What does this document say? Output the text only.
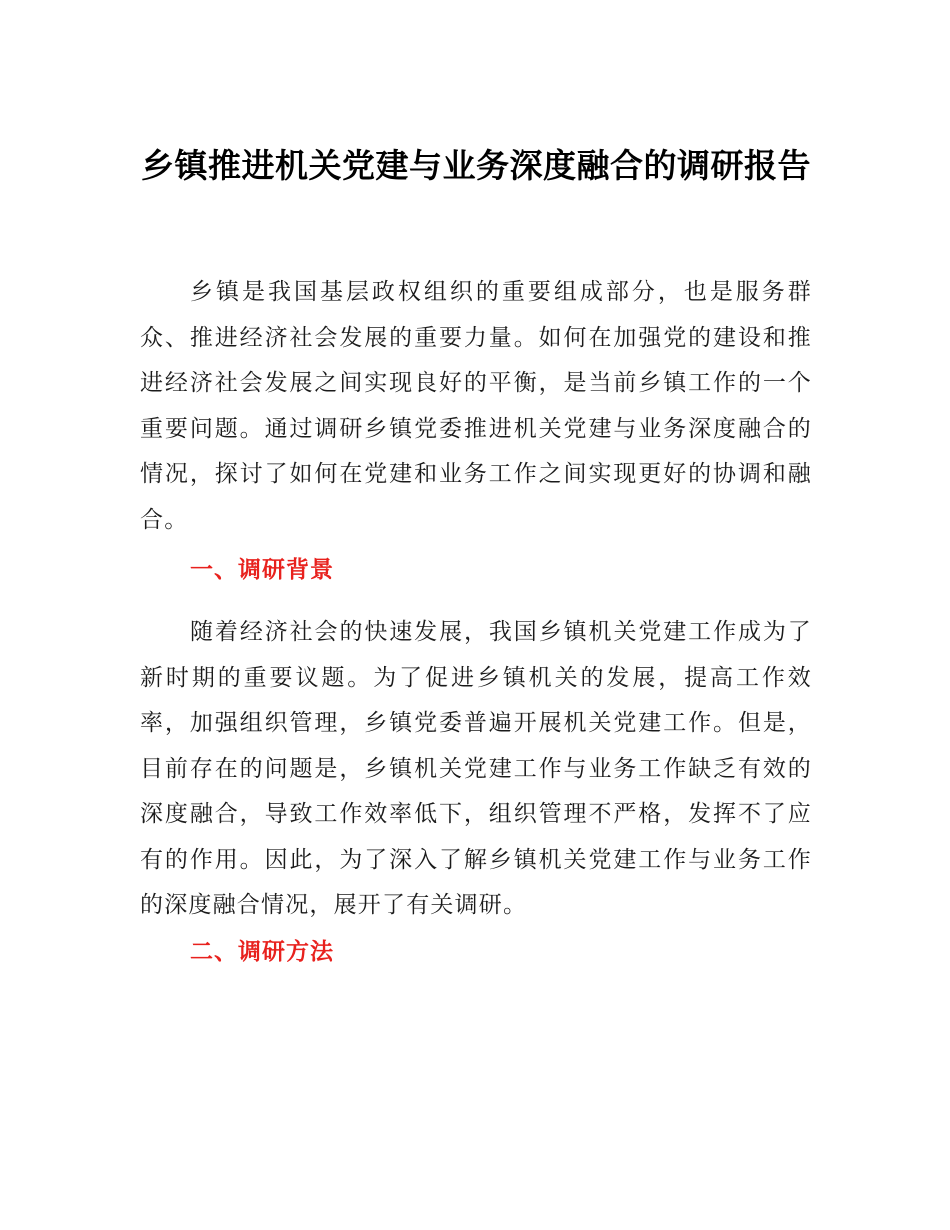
乡镇推进机关党建与业务深度融合的调研报告

乡镇是我国基层政权组织的重要组成部分，也是服务群众、推进经济社会发展的重要力量。如何在加强党的建设和推进经济社会发展之间实现良好的平衡，是当前乡镇工作的一个重要问题。通过调研乡镇党委推进机关党建与业务深度融合的情况，探讨了如何在党建和业务工作之间实现更好的协调和融合。

一、调研背景

随着经济社会的快速发展，我国乡镇机关党建工作成为了新时期的重要议题。为了促进乡镇机关的发展，提高工作效率，加强组织管理，乡镇党委普遍开展机关党建工作。但是，目前存在的问题是，乡镇机关党建工作与业务工作缺乏有效的深度融合，导致工作效率低下，组织管理不严格，发挥不了应有的作用。因此，为了深入了解乡镇机关党建工作与业务工作的深度融合情况，展开了有关调研。

二、调研方法
